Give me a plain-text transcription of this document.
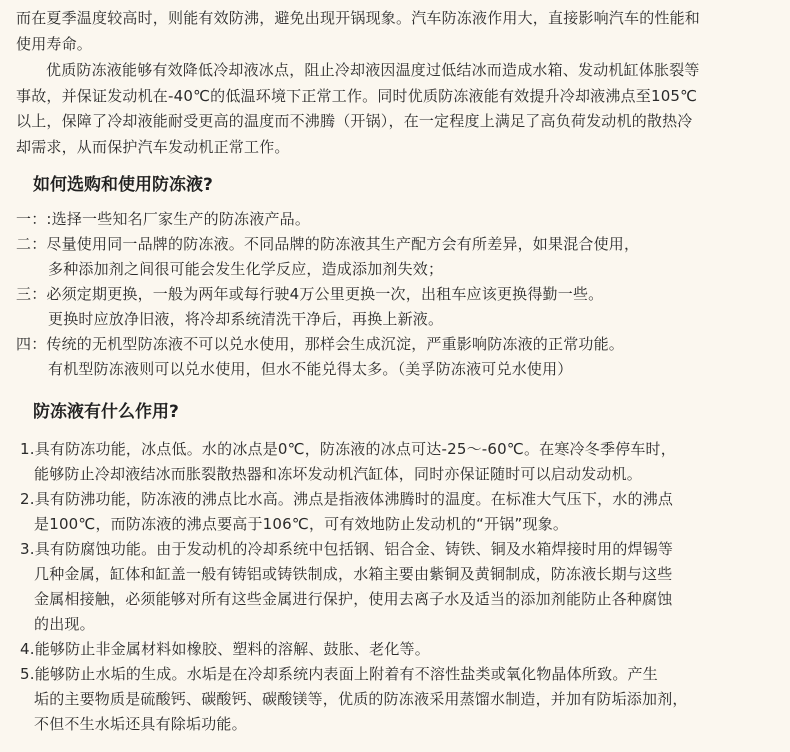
而在夏季温度较高时，则能有效防沸，避免出现开锅现象。汽车防冻液作用大，直接影响汽车的性能和
使用寿命。
优质防冻液能够有效降低冷却液冰点，阻止冷却液因温度过低结冰而造成水箱、发动机缸体胀裂等
事故，并保证发动机在-40℃的低温环境下正常工作。同时优质防冻液能有效提升冷却液沸点至105℃
以上，保障了冷却液能耐受更高的温度而不沸腾（开锅），在一定程度上满足了高负荷发动机的散热冷
却需求，从而保护汽车发动机正常工作。
如何选购和使用防冻液?
一：:选择一些知名厂家生产的防冻液产品。
二：尽量使用同一品牌的防冻液。不同品牌的防冻液其生产配方会有所差异，如果混合使用，
多种添加剂之间很可能会发生化学反应，造成添加剂失效；
三：必须定期更换，一般为两年或每行驶4万公里更换一次，出租车应该更换得勤一些。
更换时应放净旧液，将冷却系统清洗干净后，再换上新液。
四：传统的无机型防冻液不可以兑水使用，那样会生成沉淀，严重影响防冻液的正常功能。
有机型防冻液则可以兑水使用，但水不能兑得太多。（美孚防冻液可兑水使用）
防冻液有什么作用?
1.具有防冻功能，冰点低。水的冰点是0℃，防冻液的冰点可达-25～-60℃。在寒冷冬季停车时，
能够防止冷却液结冰而胀裂散热器和冻坏发动机汽缸体，同时亦保证随时可以启动发动机。
2.具有防沸功能，防冻液的沸点比水高。沸点是指液体沸腾时的温度。在标准大气压下，水的沸点
是100℃，而防冻液的沸点要高于106℃，可有效地防止发动机的“开锅”现象。
3.具有防腐蚀功能。由于发动机的冷却系统中包括钢、铝合金、铸铁、铜及水箱焊接时用的焊锡等
几种金属，缸体和缸盖一般有铸铝或铸铁制成，水箱主要由紫铜及黄铜制成，防冻液长期与这些
金属相接触，必须能够对所有这些金属进行保护，使用去离子水及适当的添加剂能防止各种腐蚀
的出现。
4.能够防止非金属材料如橡胶、塑料的溶解、鼓胀、老化等。
5.能够防止水垢的生成。水垢是在冷却系统内表面上附着有不溶性盐类或氧化物晶体所致。产生
垢的主要物质是硫酸钙、碳酸钙、碳酸镁等，优质的防冻液采用蒸馏水制造，并加有防垢添加剂，
不但不生水垢还具有除垢功能。
